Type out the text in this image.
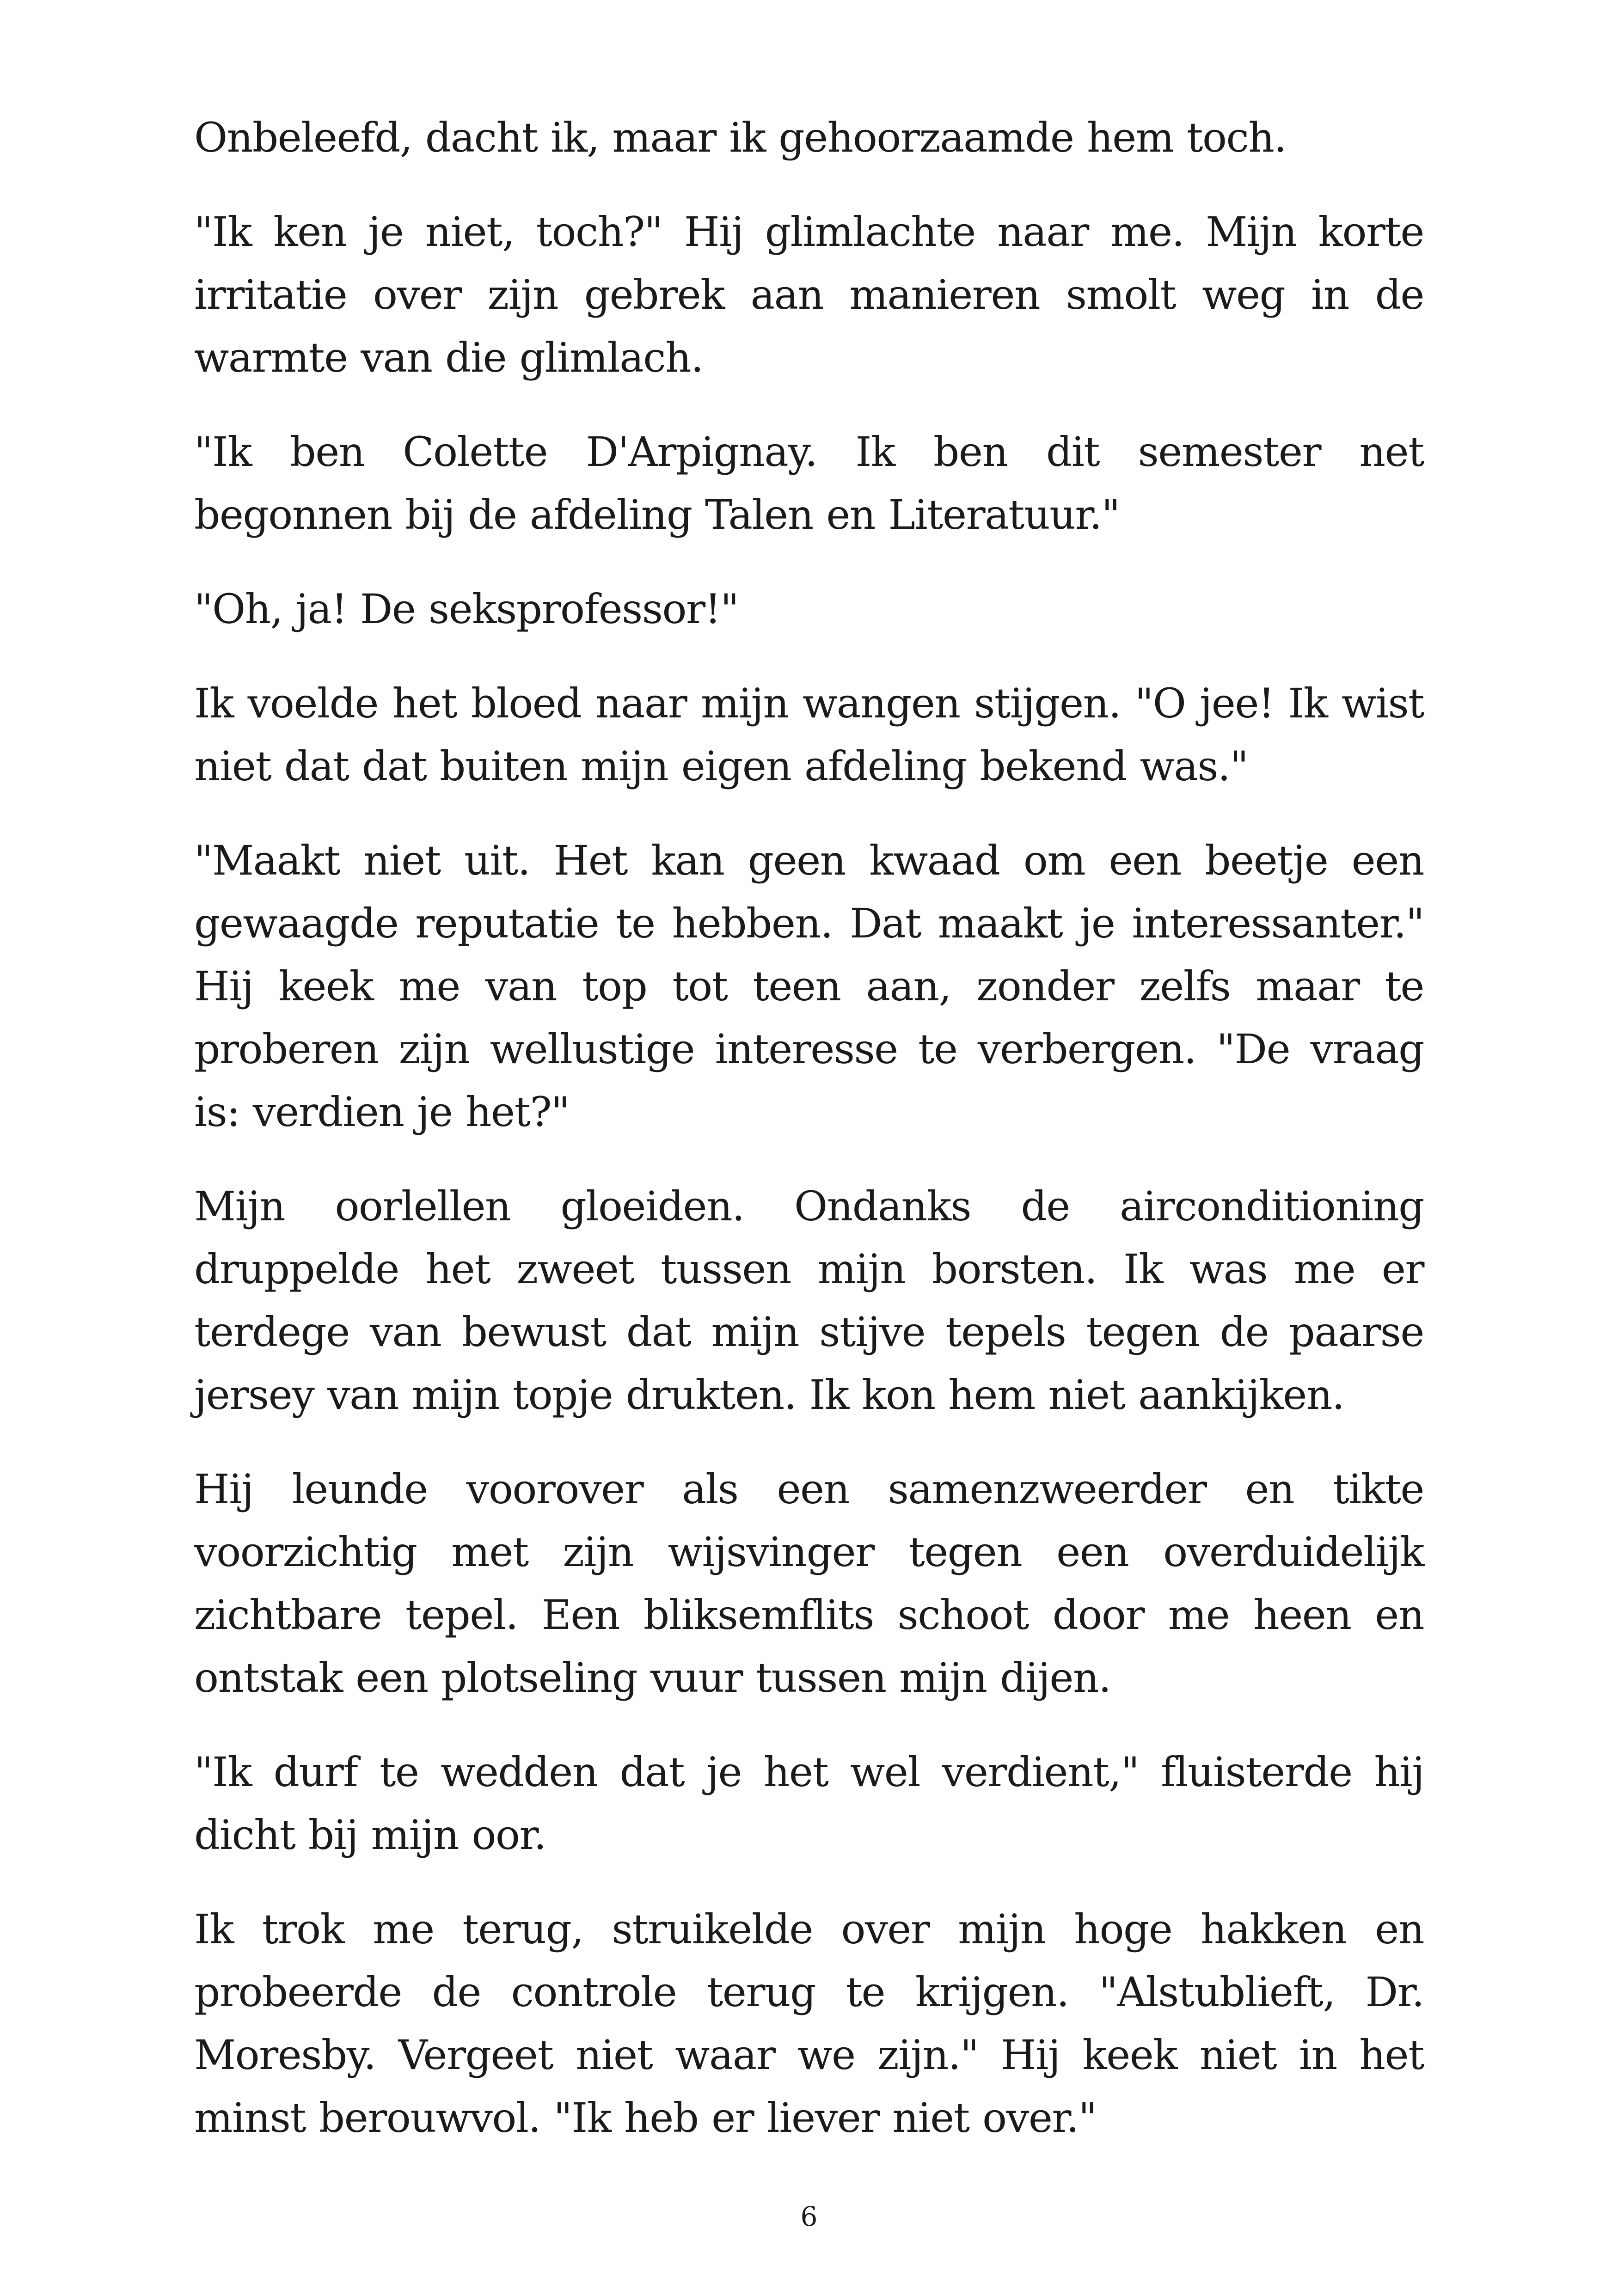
Onbeleefd, dacht ik, maar ik gehoorzaamde hem toch.

"Ik ken je niet, toch?" Hij glimlachte naar me. Mijn korte irritatie over zijn gebrek aan manieren smolt weg in de warmte van die glimlach.

"Ik ben Colette D'Arpignay. Ik ben dit semester net begonnen bij de afdeling Talen en Literatuur."

"Oh, ja! De seksprofessor!"

Ik voelde het bloed naar mijn wangen stijgen. "O jee! Ik wist niet dat dat buiten mijn eigen afdeling bekend was."

"Maakt niet uit. Het kan geen kwaad om een beetje een gewaagde reputatie te hebben. Dat maakt je interessanter." Hij keek me van top tot teen aan, zonder zelfs maar te proberen zijn wellustige interesse te verbergen. "De vraag is: verdien je het?"

Mijn oorlellen gloeiden. Ondanks de airconditioning druppelde het zweet tussen mijn borsten. Ik was me er terdege van bewust dat mijn stijve tepels tegen de paarse jersey van mijn topje drukten. Ik kon hem niet aankijken.

Hij leunde voorover als een samenzweerder en tikte voorzichtig met zijn wijsvinger tegen een overduidelijk zichtbare tepel. Een bliksemflits schoot door me heen en ontstak een plotseling vuur tussen mijn dijen.

"Ik durf te wedden dat je het wel verdient," fluisterde hij dicht bij mijn oor.

Ik trok me terug, struikelde over mijn hoge hakken en probeerde de controle terug te krijgen. "Alstublieft, Dr. Moresby. Vergeet niet waar we zijn." Hij keek niet in het minst berouwvol. "Ik heb er liever niet over."

6
